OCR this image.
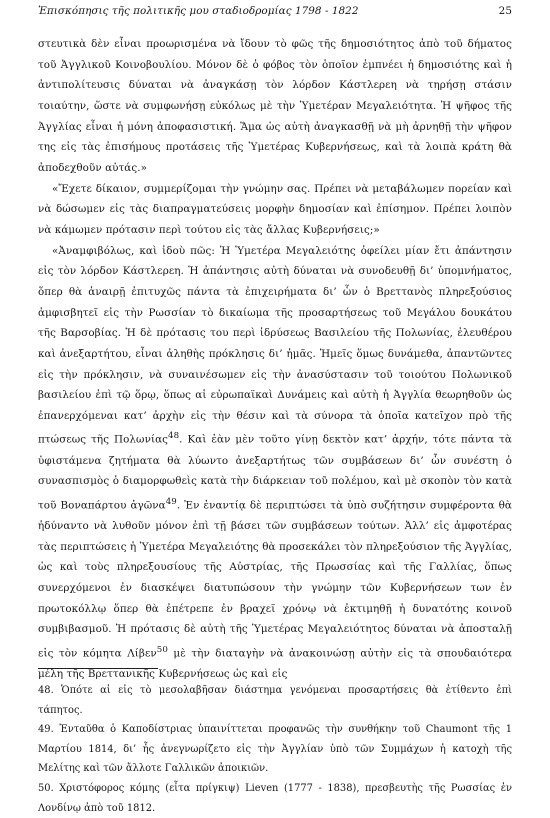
Ἐπισκόπησις τῆς πολιτικῆς μου σταδιοδρομίας 1798 - 1822	25

στευτικὰ δὲν εἶναι προωρισμένα νὰ ἴδουν τὸ φῶς τῆς δημοσιότητος ἀπὸ τοῦ δήματος τοῦ Ἀγγλικοῦ Κοινοβουλίου. Μόνον δὲ ὁ φόβος τὸν ὁποῖον ἐμπνέει ἡ δημοσιότης καὶ ἡ ἀντιπολίτευσις δύναται νὰ ἀναγκάσῃ τὸν λόρδον Κάστλερεη νὰ τηρήσῃ στάσιν τοιαύτην, ὥστε νὰ συμφωνήσῃ εὐκόλως μὲ τὴν Ὑμετέραν Μεγαλειότητα. Ἡ ψῆφος τῆς Ἀγγλίας εἶναι ἡ μόνη ἀποφασιστική. Ἅμα ὡς αὐτὴ ἀναγκασθῇ νὰ μὴ ἀρνηθῇ τὴν ψῆφον της εἰς τὰς ἐπισήμους προτάσεις τῆς Ὑμετέρας Κυβερνήσεως, καὶ τὰ λοιπὰ κράτη θὰ ἀποδεχθοῦν αὐτάς.»

«Ἔχετε δίκαιον, συμμερίζομαι τὴν γνώμην σας. Πρέπει νὰ μεταβάλωμεν πορείαν καὶ νὰ δώσωμεν εἰς τὰς διαπραγματεύσεις μορφὴν δημοσίαν καὶ ἐπίσημον. Πρέπει λοιπὸν νὰ κάμωμεν πρότασιν περὶ τούτου εἰς τὰς ἄλλας Κυβερνήσεις;»

«Ἀναμφιβόλως, καὶ ἰδοὺ πῶς: Ἡ Ὑμετέρα Μεγαλειότης ὀφείλει μίαν ἔτι ἀπάντησιν εἰς τὸν λόρδον Κάστλερεη. Ἡ ἀπάντησις αὐτὴ δύναται νὰ συνοδευθῇ δι’ ὑπομνήματος, ὅπερ θὰ ἀναιρῇ ἐπιτυχῶς πάντα τὰ ἐπιχειρήματα δι’ ὧν ὁ Βρεττανὸς πληρεξούσιος ἀμφισβητεῖ εἰς τὴν Ρωσσίαν τὸ δικαίωμα τῆς προσαρτήσεως τοῦ Μεγάλου δουκάτου τῆς Βαρσοβίας. Ἡ δὲ πρότασις του περὶ ἱδρύσεως Βασιλείου τῆς Πολωνίας, ἐλευθέρου καὶ ἀνεξαρτήτου, εἶναι ἀληθὴς πρόκλησις δι’ ἡμᾶς. Ἡμεῖς ὅμως δυνάμεθα, ἀπαντῶντες εἰς τὴν πρόκλησιν, νὰ συναινέσωμεν εἰς τὴν ἀνασύστασιν τοῦ τοιούτου Πολωνικοῦ βασιλείου ἐπὶ τῷ ὅρῳ, ὅπως αἱ εὐρωπαϊκαὶ Δυνάμεις καὶ αὐτὴ ἡ Ἀγγλία θεωρηθοῦν ὡς ἐπανερχόμεναι κατ’ ἀρχὴν εἰς τὴν θέσιν καὶ τὰ σύνορα τὰ ὁποῖα κατεῖχον πρὸ τῆς πτώσεως τῆς Πολωνίας$^{48}$. Καὶ ἐὰν μὲν τοῦτο γίνῃ δεκτὸν κατ’ ἀρχήν, τότε πάντα τὰ ὑφιστάμενα ζητήματα θὰ λύωντο ἀνεξαρτήτως τῶν συμβάσεων δι’ ὧν συνέστη ὁ συνασπισμὸς ὁ διαμορφωθεὶς κατὰ τὴν διάρκειαν τοῦ πολέμου, καὶ μὲ σκοπὸν τὸν κατὰ τοῦ Βοναπάρτου ἀγῶνα$^{49}$. Ἐν ἐναντίᾳ δὲ περιπτώσει τὰ ὑπὸ συζήτησιν συμφέροντα θὰ ἠδύναντο νὰ λυθοῦν μόνον ἐπὶ τῇ βάσει τῶν συμβάσεων τούτων. Ἀλλ’ εἰς ἀμφοτέρας τὰς περιπτώσεις ἡ Ὑμετέρα Μεγαλειότης θὰ προσεκάλει τὸν πληρεξούσιον τῆς Ἀγγλίας, ὡς καὶ τοὺς πληρεξουσίους τῆς Αὐστρίας, τῆς Πρωσσίας καὶ τῆς Γαλλίας, ὅπως συνερχόμενοι ἐν διασκέψει διατυπώσουν τὴν γνώμην τῶν Κυβερνήσεων των ἐν πρωτοκόλλῳ ὅπερ θὰ ἐπέτρεπε ἐν βραχεῖ χρόνῳ νὰ ἐκτιμηθῇ ἡ δυνατότης κοινοῦ συμβιβασμοῦ. Ἡ πρότασις δὲ αὐτὴ τῆς Ὑμετέρας Μεγαλειότητος δύναται νὰ ἀποσταλῇ εἰς τὸν κόμητα Λίβεν$^{50}$ μὲ τὴν διαταγὴν νὰ ἀνακοινώσῃ αὐτὴν εἰς τὰ σπουδαιότερα μέλη τῆς Βρεττανικῆς Κυβερνήσεως ὡς καὶ εἰς

48. Ὁπότε αἱ εἰς τὸ μεσολαβῆσαν διάστημα γενόμεναι προσαρτήσεις θὰ ἐτίθεντο ἐπὶ τάπητος.

49. Ἐνταῦθα ὁ Καποδίστριας ὑπαινίττεται προφανῶς τὴν συνθήκην τοῦ Chaumont τῆς 1 Μαρτίου 1814, δι’ ἧς ἀνεγνωρίζετο εἰς τὴν Ἀγγλίαν ὑπὸ τῶν Συμμάχων ἡ κατοχὴ τῆς Μελίτης καὶ τῶν ἄλλοτε Γαλλικῶν ἀποικιῶν.

50. Χριστόφορος κόμης (εἶτα πρίγκιψ) Lieven (1777 - 1838), πρεσβευτὴς τῆς Ρωσσίας ἐν Λονδίνῳ ἀπὸ τοῦ 1812.
